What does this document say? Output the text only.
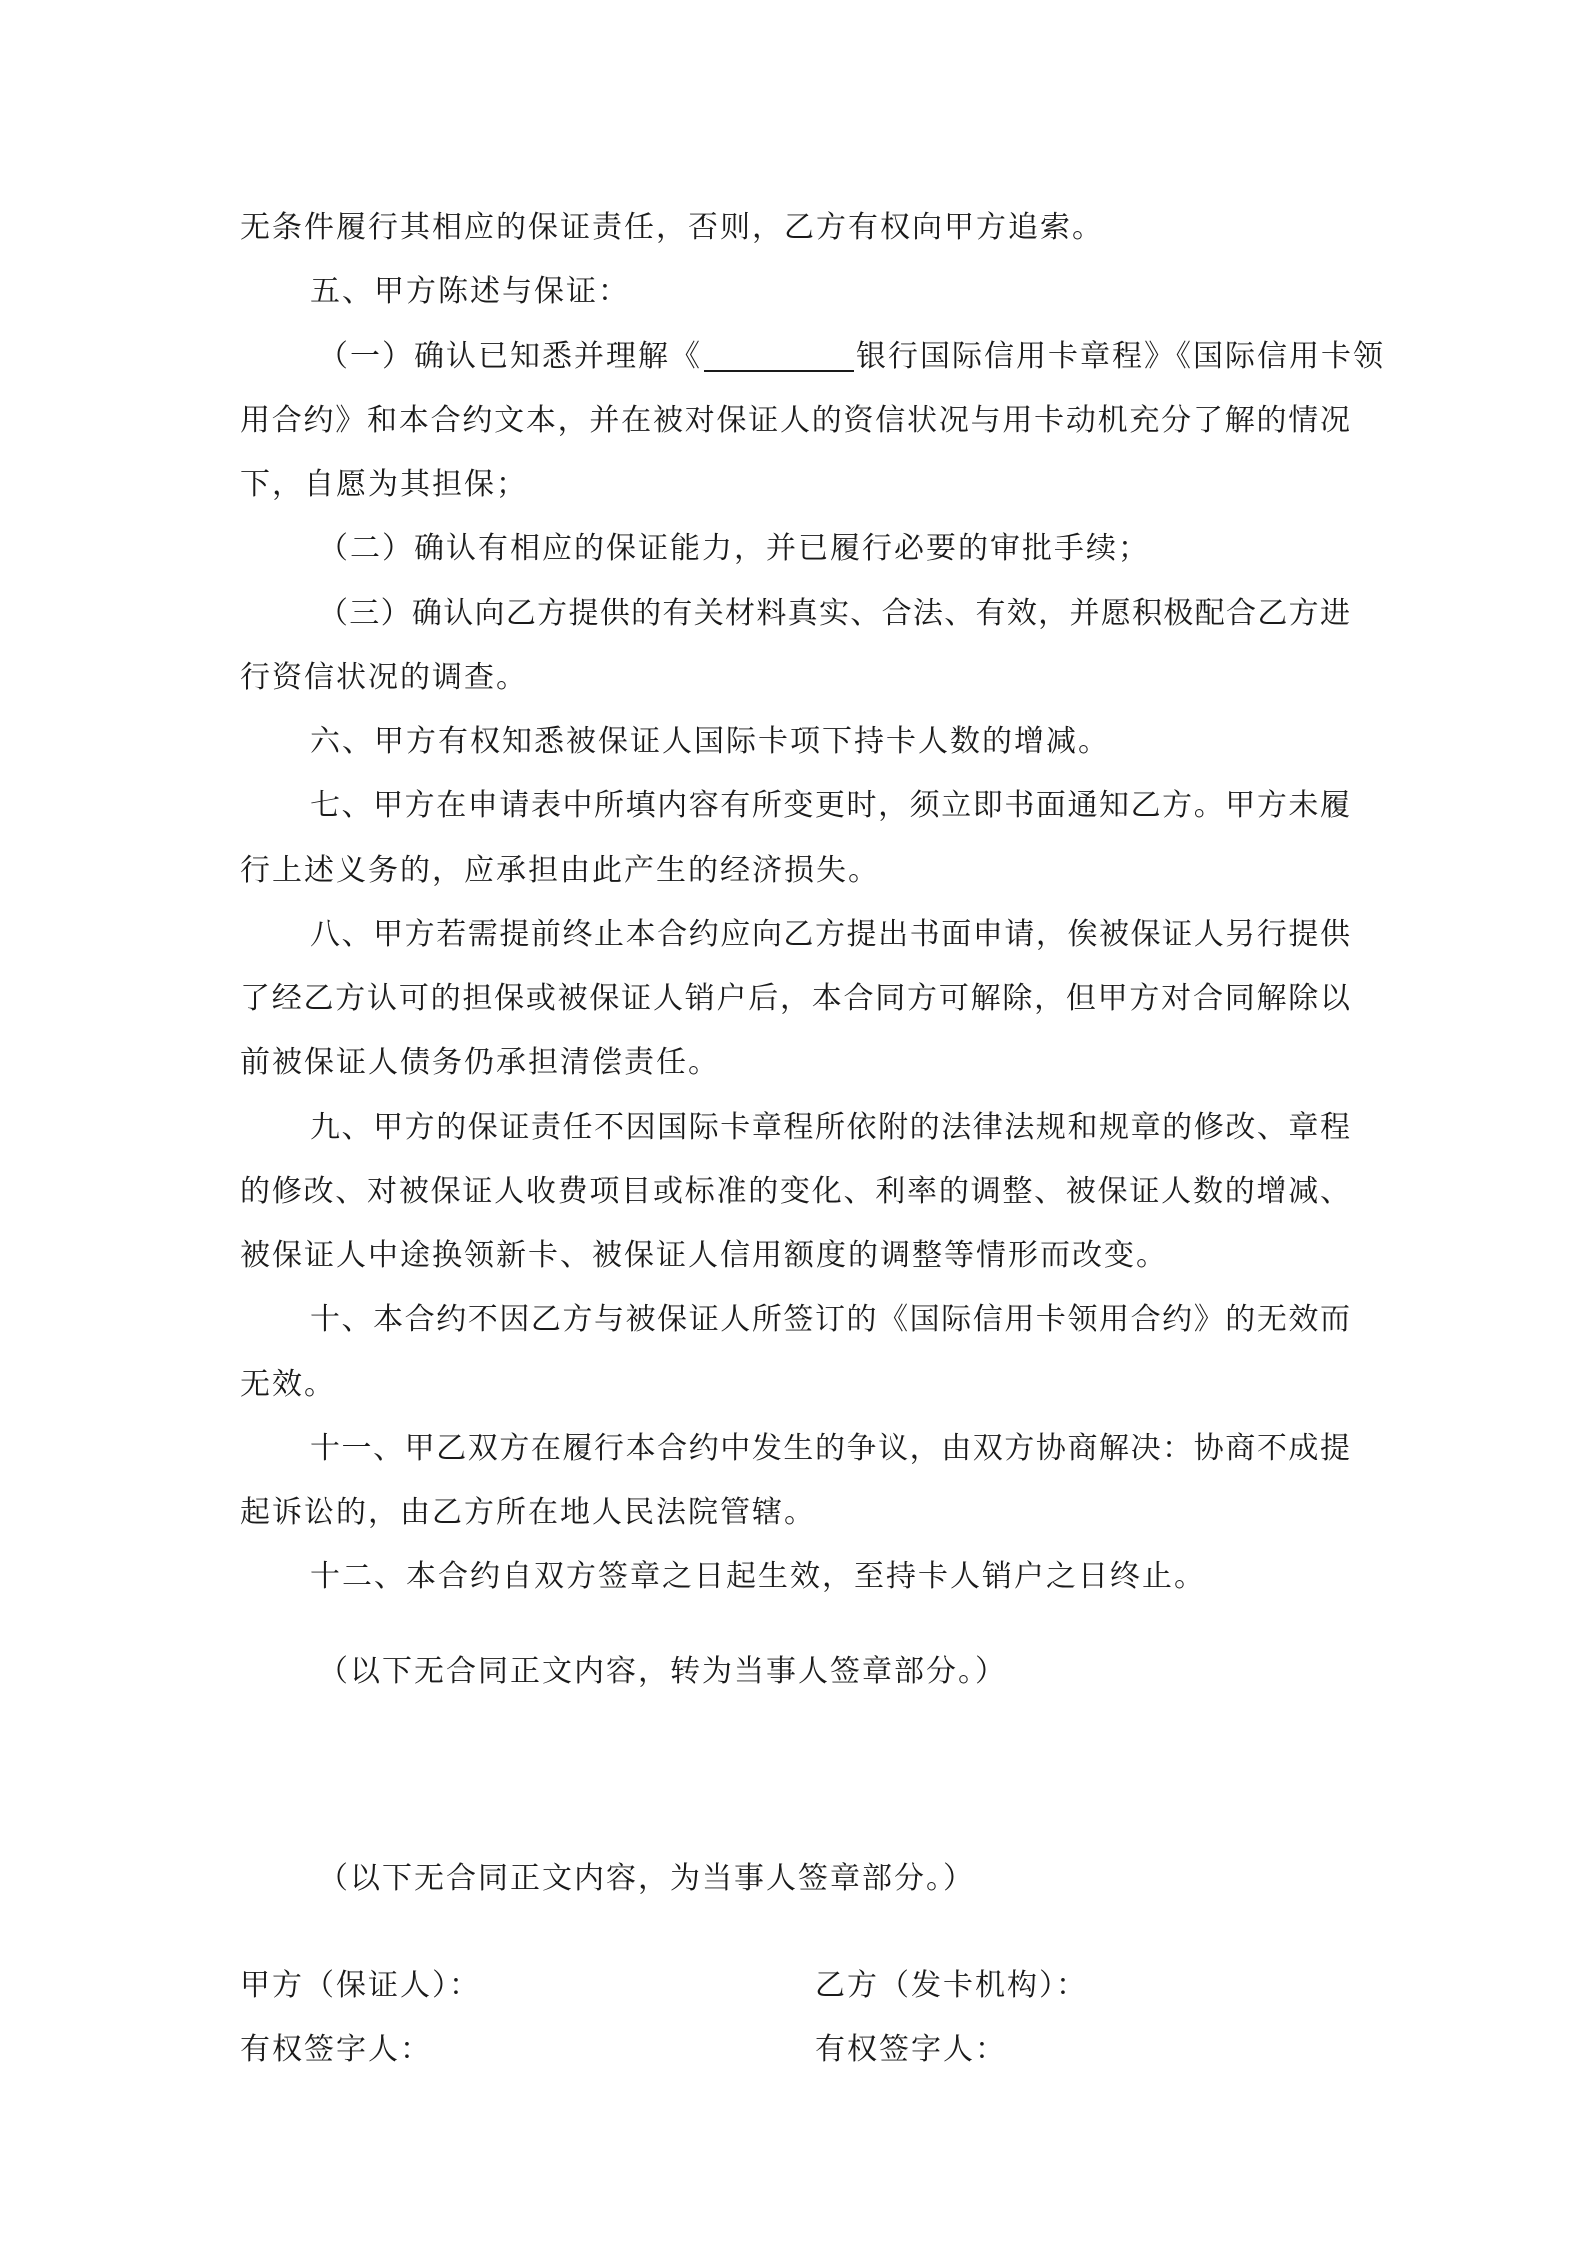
无条件履行其相应的保证责任，否则，乙方有权向甲方追索。
五、甲方陈述与保证：
（一）确认已知悉并理解《	银行国际信用卡章程》《国际信用卡领
用合约》和本合约文本，并在被对保证人的资信状况与用卡动机充分了解的情况
下，自愿为其担保；
（二）确认有相应的保证能力，并已履行必要的审批手续；
（三）确认向乙方提供的有关材料真实、合法、有效，并愿积极配合乙方进
行资信状况的调查。
六、甲方有权知悉被保证人国际卡项下持卡人数的增减。
七、甲方在申请表中所填内容有所变更时，须立即书面通知乙方。甲方未履
行上述义务的，应承担由此产生的经济损失。
八、甲方若需提前终止本合约应向乙方提出书面申请，俟被保证人另行提供
了经乙方认可的担保或被保证人销户后，本合同方可解除，但甲方对合同解除以
前被保证人债务仍承担清偿责任。
九、甲方的保证责任不因国际卡章程所依附的法律法规和规章的修改、章程
的修改、对被保证人收费项目或标准的变化、利率的调整、被保证人数的增减、
被保证人中途换领新卡、被保证人信用额度的调整等情形而改变。
十、本合约不因乙方与被保证人所签订的《国际信用卡领用合约》的无效而
无效。
十一、甲乙双方在履行本合约中发生的争议，由双方协商解决：协商不成提
起诉讼的，由乙方所在地人民法院管辖。
十二、本合约自双方签章之日起生效，至持卡人销户之日终止。
（以下无合同正文内容，转为当事人签章部分。）
（以下无合同正文内容，为当事人签章部分。）
甲方（保证人）：	乙方（发卡机构）：
有权签字人：	有权签字人：
